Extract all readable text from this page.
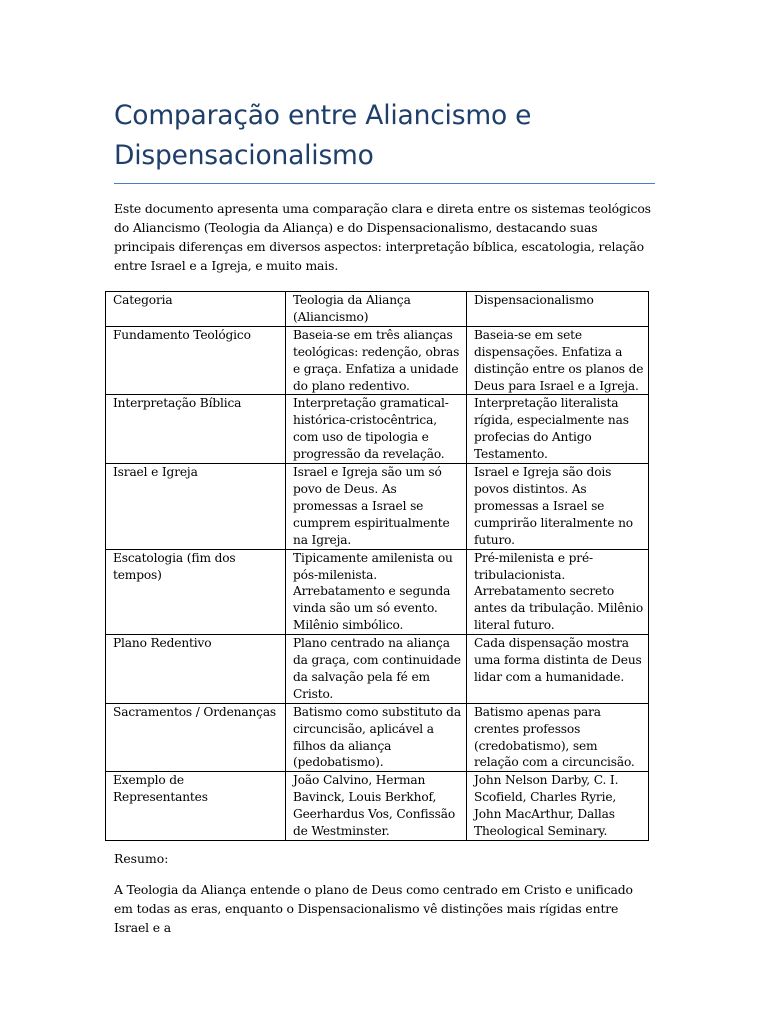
Comparação entre Aliancismo e Dispensacionalismo

Este documento apresenta uma comparação clara e direta entre os sistemas teológicos do Aliancismo (Teologia da Aliança) e do Dispensacionalismo, destacando suas principais diferenças em diversos aspectos: interpretação bíblica, escatologia, relação entre Israel e a Igreja, e muito mais.

Categoria	Teologia da Aliança (Aliancismo)	Dispensacionalismo
Fundamento Teológico	Baseia-se em três alianças teológicas: redenção, obras e graça. Enfatiza a unidade do plano redentivo.	Baseia-se em sete dispensações. Enfatiza a distinção entre os planos de Deus para Israel e a Igreja.
Interpretação Bíblica	Interpretação gramatical-histórica-cristocêntrica, com uso de tipologia e progressão da revelação.	Interpretação literalista rígida, especialmente nas profecias do Antigo Testamento.
Israel e Igreja	Israel e Igreja são um só povo de Deus. As promessas a Israel se cumprem espiritualmente na Igreja.	Israel e Igreja são dois povos distintos. As promessas a Israel se cumprirão literalmente no futuro.
Escatologia (fim dos tempos)	Tipicamente amilenista ou pós-milenista. Arrebatamento e segunda vinda são um só evento. Milênio simbólico.	Pré-milenista e pré-tribulacionista. Arrebatamento secreto antes da tribulação. Milênio literal futuro.
Plano Redentivo	Plano centrado na aliança da graça, com continuidade da salvação pela fé em Cristo.	Cada dispensação mostra uma forma distinta de Deus lidar com a humanidade.
Sacramentos / Ordenanças	Batismo como substituto da circuncisão, aplicável a filhos da aliança (pedobatismo).	Batismo apenas para crentes professos (credobatismo), sem relação com a circuncisão.
Exemplo de Representantes	João Calvino, Herman Bavinck, Louis Berkhof, Geerhardus Vos, Confissão de Westminster.	John Nelson Darby, C. I. Scofield, Charles Ryrie, John MacArthur, Dallas Theological Seminary.

Resumo:

A Teologia da Aliança entende o plano de Deus como centrado em Cristo e unificado em todas as eras, enquanto o Dispensacionalismo vê distinções mais rígidas entre Israel e a
